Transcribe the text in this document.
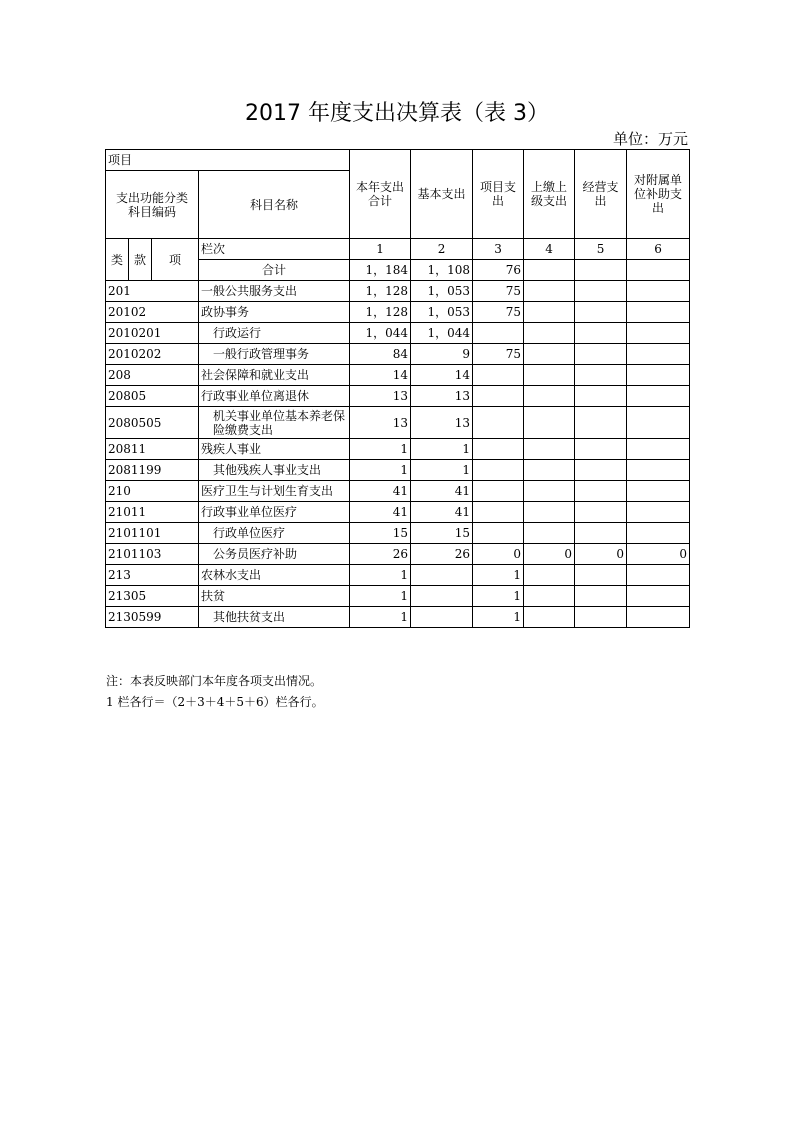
2017 年度支出决算表（表 3）
单位：万元
项目				本年支出合计	基本支出	项目支出	上缴上级支出	经营支出	对附属单位补助支出
支出功能分类科目编码			科目名称						

类	款	项	栏次	1	2	3	4	5	6
			合计	1，184	1，108	76			
201			一般公共服务支出	1，128	1，053	75			
20102			政协事务	1，128	1，053	75			
2010201			行政运行	1，044	1，044				
2010202			一般行政管理事务	84	9	75			
208			社会保障和就业支出	14	14				
20805			行政事业单位离退休	13	13				
2080505			机关事业单位基本养老保险缴费支出	13	13				
20811			残疾人事业	1	1				
2081199			其他残疾人事业支出	1	1				
210			医疗卫生与计划生育支出	41	41				
21011			行政事业单位医疗	41	41				
2101101			行政单位医疗	15	15				
2101103			公务员医疗补助	26	26	0	0	0	0
213			农林水支出	1		1			
21305			扶贫	1		1			
2130599			其他扶贫支出	1		1			
注：本表反映部门本年度各项支出情况。
1 栏各行＝（2＋3＋4＋5＋6）栏各行。
